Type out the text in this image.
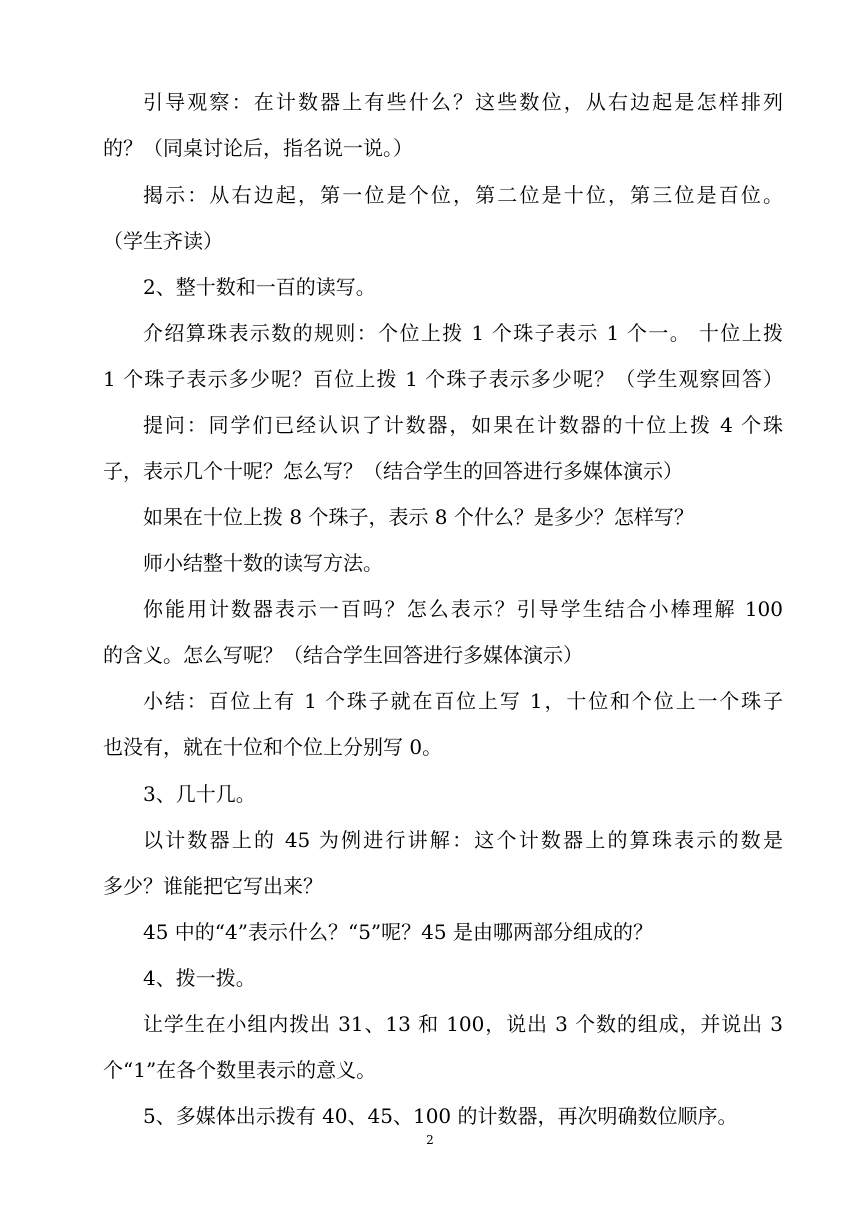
引导观察：在计数器上有些什么？这些数位，从右边起是怎样排列
的？（同桌讨论后，指名说一说。）
揭示：从右边起，第一位是个位，第二位是十位，第三位是百位。
（学生齐读）
2、整十数和一百的读写。
介绍算珠表示数的规则：个位上拨 1 个珠子表示 1 个一。 十位上拨
1 个珠子表示多少呢？百位上拨 1 个珠子表示多少呢？（学生观察回答）
提问：同学们已经认识了计数器，如果在计数器的十位上拨 4 个珠
子，表示几个十呢？怎么写？（结合学生的回答进行多媒体演示）
如果在十位上拨 8 个珠子，表示 8 个什么？是多少？怎样写？
师小结整十数的读写方法。
你能用计数器表示一百吗？怎么表示？引导学生结合小棒理解 100
的含义。怎么写呢？（结合学生回答进行多媒体演示）
小结：百位上有 1 个珠子就在百位上写 1，十位和个位上一个珠子
也没有，就在十位和个位上分别写 0。
3、几十几。
以计数器上的 45 为例进行讲解：这个计数器上的算珠表示的数是
多少？谁能把它写出来？
45 中的“4”表示什么？“5”呢？45 是由哪两部分组成的？
4、拨一拨。
让学生在小组内拨出 31、13 和 100，说出 3 个数的组成，并说出 3
个“1”在各个数里表示的意义。
5、多媒体出示拨有 40、45、100 的计数器，再次明确数位顺序。
2
